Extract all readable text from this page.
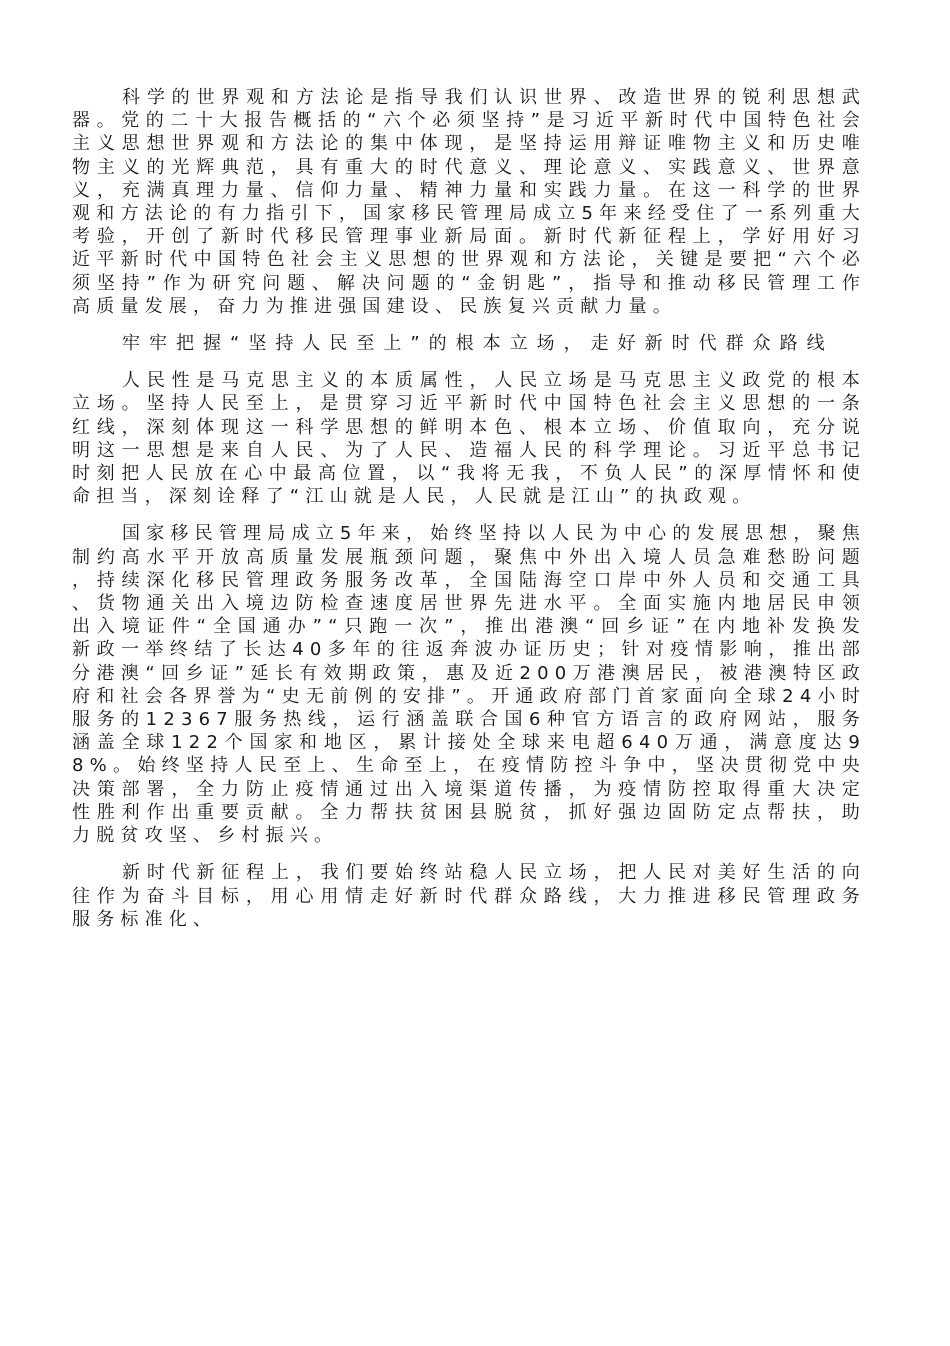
科学的世界观和方法论是指导我们认识世界、改造世界的锐利思想武器。党的二十大报告概括的“六个必须坚持”是习近平新时代中国特色社会主义思想世界观和方法论的集中体现，是坚持运用辩证唯物主义和历史唯物主义的光辉典范，具有重大的时代意义、理论意义、实践意义、世界意义，充满真理力量、信仰力量、精神力量和实践力量。在这一科学的世界观和方法论的有力指引下，国家移民管理局成立5年来经受住了一系列重大考验，开创了新时代移民管理事业新局面。新时代新征程上，学好用好习近平新时代中国特色社会主义思想的世界观和方法论，关键是要把“六个必须坚持”作为研究问题、解决问题的“金钥匙”，指导和推动移民管理工作高质量发展，奋力为推进强国建设、民族复兴贡献力量。

牢牢把握“坚持人民至上”的根本立场，走好新时代群众路线

人民性是马克思主义的本质属性，人民立场是马克思主义政党的根本立场。坚持人民至上，是贯穿习近平新时代中国特色社会主义思想的一条红线，深刻体现这一科学思想的鲜明本色、根本立场、价值取向，充分说明这一思想是来自人民、为了人民、造福人民的科学理论。习近平总书记时刻把人民放在心中最高位置，以“我将无我，不负人民”的深厚情怀和使命担当，深刻诠释了“江山就是人民，人民就是江山”的执政观。

国家移民管理局成立5年来，始终坚持以人民为中心的发展思想，聚焦制约高水平开放高质量发展瓶颈问题，聚焦中外出入境人员急难愁盼问题，持续深化移民管理政务服务改革，全国陆海空口岸中外人员和交通工具、货物通关出入境边防检查速度居世界先进水平。全面实施内地居民申领出入境证件“全国通办”“只跑一次”，推出港澳“回乡证”在内地补发换发新政一举终结了长达40多年的往返奔波办证历史；针对疫情影响，推出部分港澳“回乡证”延长有效期政策，惠及近200万港澳居民，被港澳特区政府和社会各界誉为“史无前例的安排”。开通政府部门首家面向全球24小时服务的12367服务热线，运行涵盖联合国6种官方语言的政府网站，服务涵盖全球122个国家和地区，累计接处全球来电超640万通，满意度达98%。始终坚持人民至上、生命至上，在疫情防控斗争中，坚决贯彻党中央决策部署，全力防止疫情通过出入境渠道传播，为疫情防控取得重大决定性胜利作出重要贡献。全力帮扶贫困县脱贫，抓好强边固防定点帮扶，助力脱贫攻坚、乡村振兴。

新时代新征程上，我们要始终站稳人民立场，把人民对美好生活的向往作为奋斗目标，用心用情走好新时代群众路线，大力推进移民管理政务服务标准化、
